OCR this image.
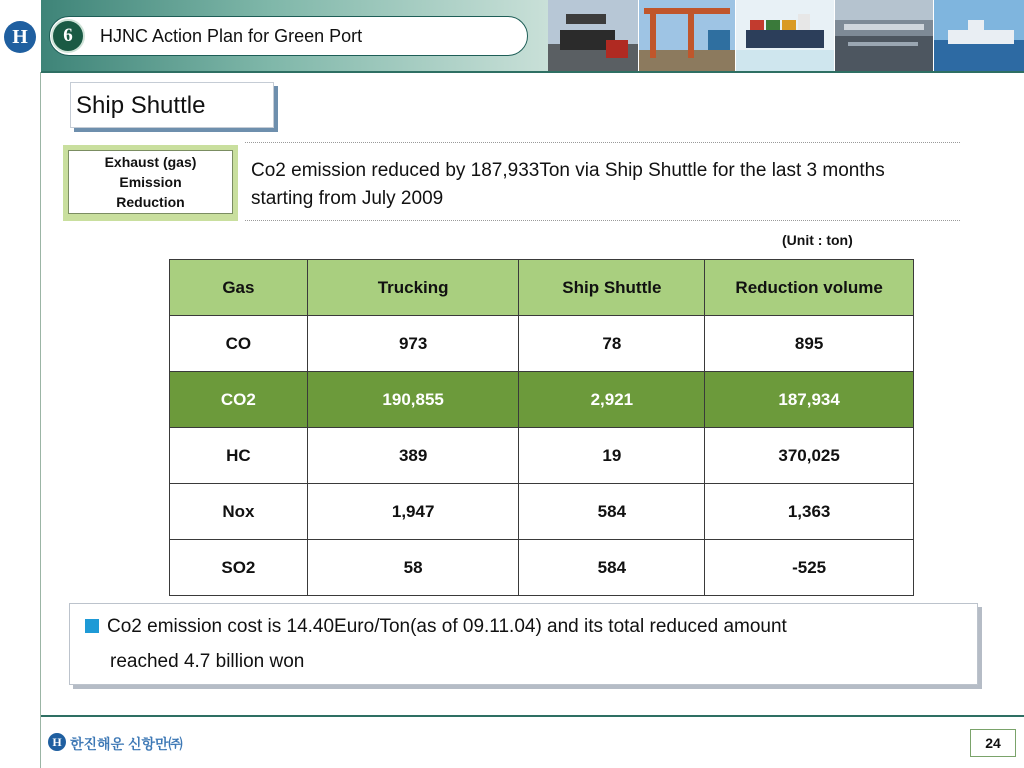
H	6	HJNC Action Plan for Green Port
Ship Shuttle
Exhaust (gas)
Emission
Reduction
Co2 emission reduced by 187,933Ton via Ship Shuttle for the last 3 months starting from July 2009
(Unit : ton)
Gas	Trucking	Ship Shuttle	Reduction volume
CO	973	78	895
CO2	190,855	2,921	187,934
HC	389	19	370,025
Nox	1,947	584	1,363
SO2	58	584	-525
Co2 emission cost is 14.40Euro/Ton(as of 09.11.04) and its total reduced amount
reached 4.7 billion won
H 한진해운 신항만㈜	24
